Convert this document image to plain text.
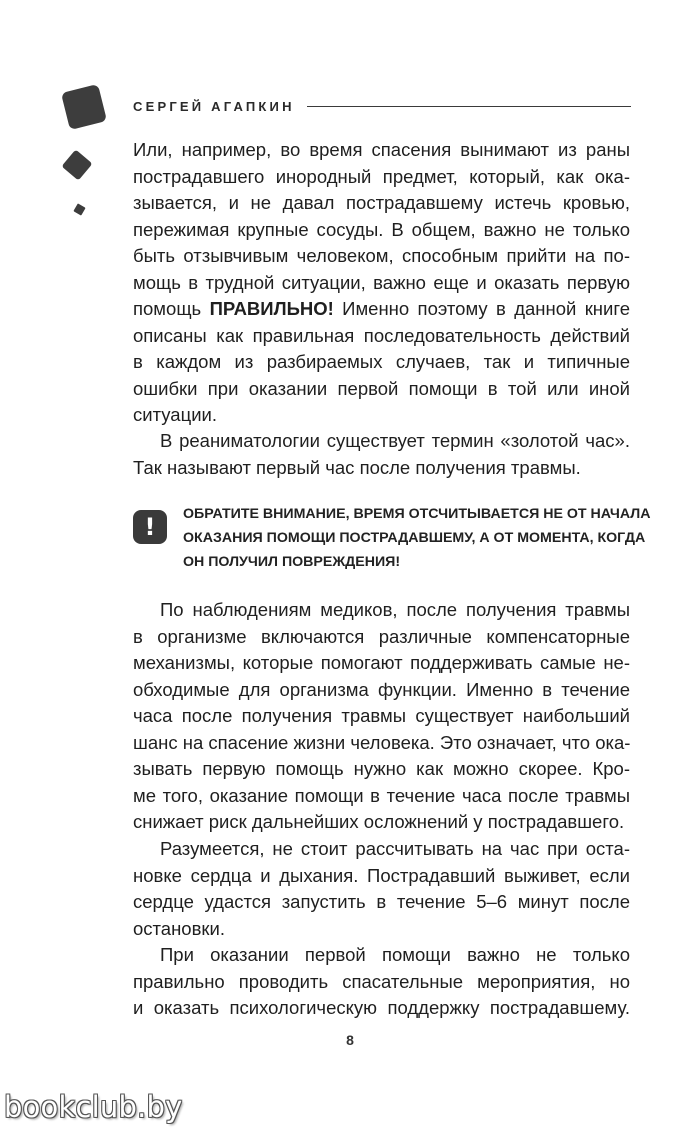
СЕРГЕЙ АГАПКИН
Или, например, во время спасения вынимают из раны
пострадавшего инородный предмет, который, как ока-
зывается, и не давал пострадавшему истечь кровью,
пережимая крупные сосуды. В общем, важно не только
быть отзывчивым человеком, способным прийти на по-
мощь в трудной ситуации, важно еще и оказать первую
помощь ПРАВИЛЬНО! Именно поэтому в данной книге
описаны как правильная последовательность действий
в каждом из разбираемых случаев, так и типичные
ошибки при оказании первой помощи в той или иной
ситуации.
В реаниматологии существует термин «золотой час».
Так называют первый час после получения травмы.
!	ОБРАТИТЕ ВНИМАНИЕ, ВРЕМЯ ОТСЧИТЫВАЕТСЯ НЕ ОТ НАЧАЛА
ОКАЗАНИЯ ПОМОЩИ ПОСТРАДАВШЕМУ, А ОТ МОМЕНТА, КОГДА
ОН ПОЛУЧИЛ ПОВРЕЖДЕНИЯ!
По наблюдениям медиков, после получения травмы
в организме включаются различные компенсаторные
механизмы, которые помогают поддерживать самые не-
обходимые для организма функции. Именно в течение
часа после получения травмы существует наибольший
шанс на спасение жизни человека. Это означает, что ока-
зывать первую помощь нужно как можно скорее. Кро-
ме того, оказание помощи в течение часа после травмы
снижает риск дальнейших осложнений у пострадавшего.
Разумеется, не стоит рассчитывать на час при оста-
новке сердца и дыхания. Пострадавший выживет, если
сердце удастся запустить в течение 5–6 минут после
остановки.
При оказании первой помощи важно не только
правильно проводить спасательные мероприятия, но
и оказать психологическую поддержку пострадавшему.
8
bookclub.by
